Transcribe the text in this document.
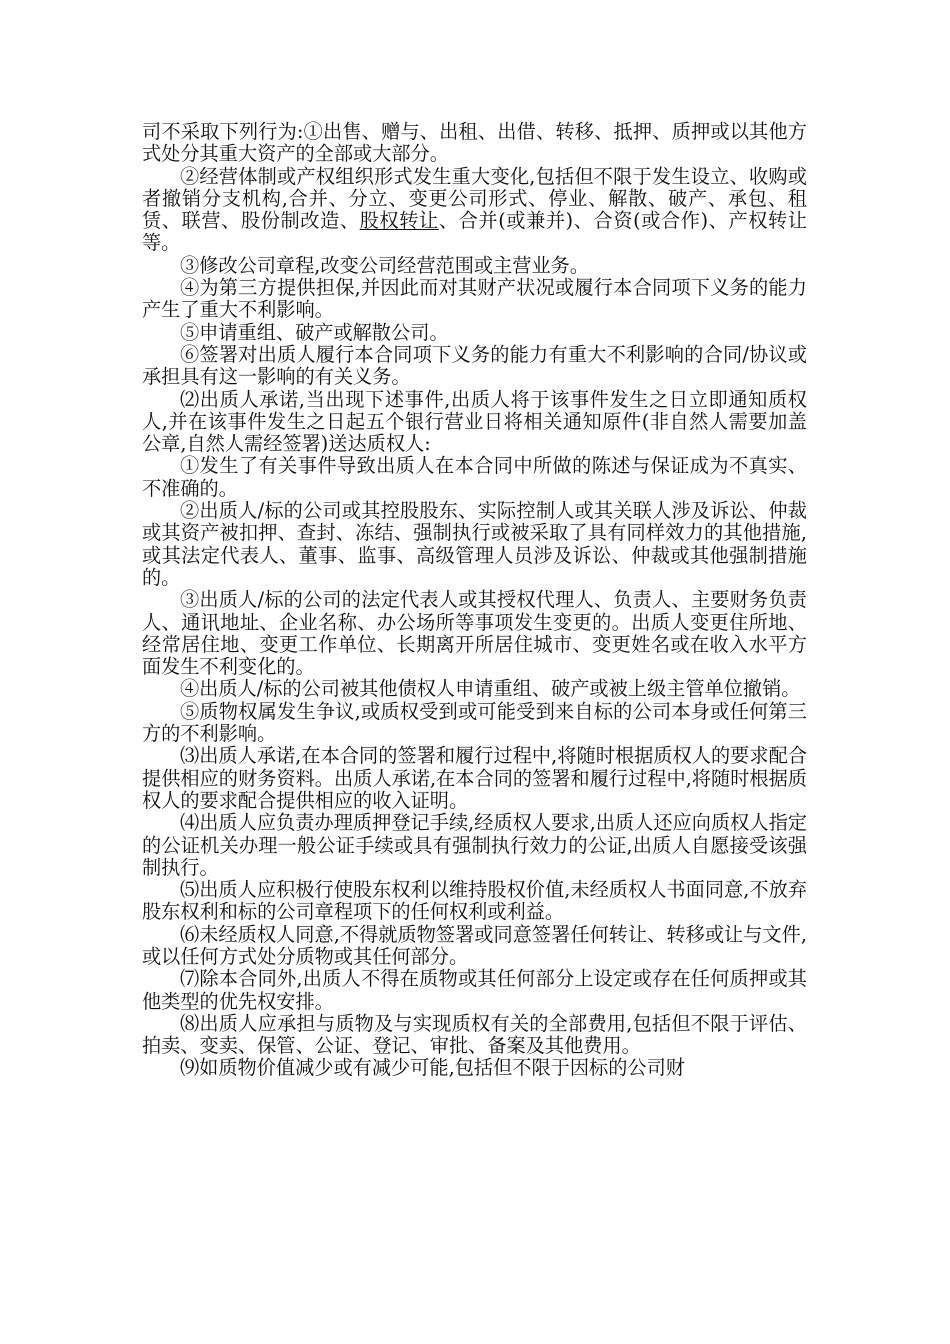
司不采取下列行为:①出售、赠与、出租、出借、转移、抵押、质押或以其他方式处分其重大资产的全部或大部分。

②经营体制或产权组织形式发生重大变化,包括但不限于发生设立、收购或者撤销分支机构,合并、分立、变更公司形式、停业、解散、破产、承包、租赁、联营、股份制改造、股权转让、合并(或兼并)、合资(或合作)、产权转让等。

③修改公司章程,改变公司经营范围或主营业务。

④为第三方提供担保,并因此而对其财产状况或履行本合同项下义务的能力产生了重大不利影响。

⑤申请重组、破产或解散公司。

⑥签署对出质人履行本合同项下义务的能力有重大不利影响的合同/协议或承担具有这一影响的有关义务。

⑵出质人承诺,当出现下述事件,出质人将于该事件发生之日立即通知质权人,并在该事件发生之日起五个银行营业日将相关通知原件(非自然人需要加盖公章,自然人需经签署)送达质权人:

①发生了有关事件导致出质人在本合同中所做的陈述与保证成为不真实、不准确的。

②出质人/标的公司或其控股股东、实际控制人或其关联人涉及诉讼、仲裁或其资产被扣押、查封、冻结、强制执行或被采取了具有同样效力的其他措施,或其法定代表人、董事、监事、高级管理人员涉及诉讼、仲裁或其他强制措施的。

③出质人/标的公司的法定代表人或其授权代理人、负责人、主要财务负责人、通讯地址、企业名称、办公场所等事项发生变更的。出质人变更住所地、经常居住地、变更工作单位、长期离开所居住城市、变更姓名或在收入水平方面发生不利变化的。

④出质人/标的公司被其他债权人申请重组、破产或被上级主管单位撤销。

⑤质物权属发生争议,或质权受到或可能受到来自标的公司本身或任何第三方的不利影响。

⑶出质人承诺,在本合同的签署和履行过程中,将随时根据质权人的要求配合提供相应的财务资料。出质人承诺,在本合同的签署和履行过程中,将随时根据质权人的要求配合提供相应的收入证明。

⑷出质人应负责办理质押登记手续,经质权人要求,出质人还应向质权人指定的公证机关办理一般公证手续或具有强制执行效力的公证,出质人自愿接受该强制执行。

⑸出质人应积极行使股东权利以维持股权价值,未经质权人书面同意,不放弃股东权利和标的公司章程项下的任何权利或利益。

⑹未经质权人同意,不得就质物签署或同意签署任何转让、转移或让与文件,或以任何方式处分质物或其任何部分。

⑺除本合同外,出质人不得在质物或其任何部分上设定或存在任何质押或其他类型的优先权安排。

⑻出质人应承担与质物及与实现质权有关的全部费用,包括但不限于评估、拍卖、变卖、保管、公证、登记、审批、备案及其他费用。

⑼如质物价值减少或有减少可能,包括但不限于因标的公司财
